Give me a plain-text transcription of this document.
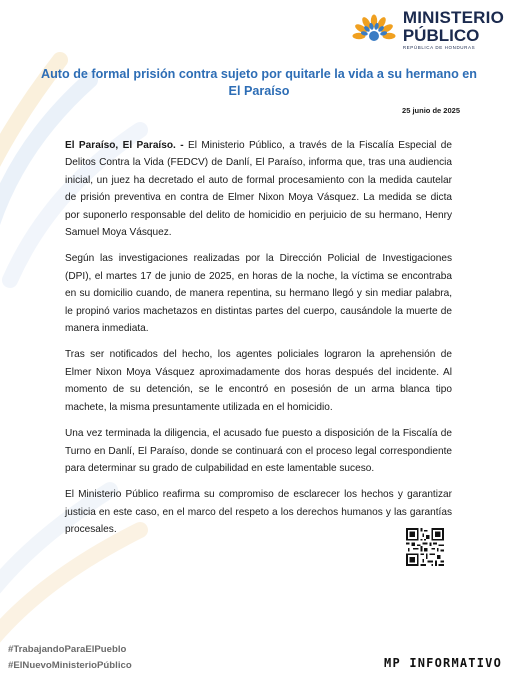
MINISTERIO
PÚBLICO
REPÚBLICA DE HONDURAS
Auto de formal prisión contra sujeto por quitarle la vida a su hermano en El Paraíso
25 junio de 2025

El Paraíso, El Paraíso. - El Ministerio Público, a través de la Fiscalía Especial de Delitos Contra la Vida (FEDCV) de Danlí, El Paraíso, informa que, tras una audiencia inicial, un juez ha decretado el auto de formal procesamiento con la medida cautelar de prisión preventiva en contra de Elmer Nixon Moya Vásquez. La medida se dicta por suponerlo responsable del delito de homicidio en perjuicio de su hermano, Henry Samuel Moya Vásquez.

Según las investigaciones realizadas por la Dirección Policial de Investigaciones (DPI), el martes 17 de junio de 2025, en horas de la noche, la víctima se encontraba en su domicilio cuando, de manera repentina, su hermano llegó y sin mediar palabra, le propinó varios machetazos en distintas partes del cuerpo, causándole la muerte de manera inmediata.

Tras ser notificados del hecho, los agentes policiales lograron la aprehensión de Elmer Nixon Moya Vásquez aproximadamente dos horas después del incidente. Al momento de su detención, se le encontró en posesión de un arma blanca tipo machete, la misma presuntamente utilizada en el homicidio.

Una vez terminada la diligencia, el acusado fue puesto a disposición de la Fiscalía de Turno en Danlí, El Paraíso, donde se continuará con el proceso legal correspondiente para determinar su grado de culpabilidad en este lamentable suceso.

El Ministerio Público reafirma su compromiso de esclarecer los hechos y garantizar justicia en este caso, en el marco del respeto a los derechos humanos y las garantías procesales.

#TrabajandoParaElPueblo
#ElNuevoMinisterioPúblico	MP INFORMATIVO
